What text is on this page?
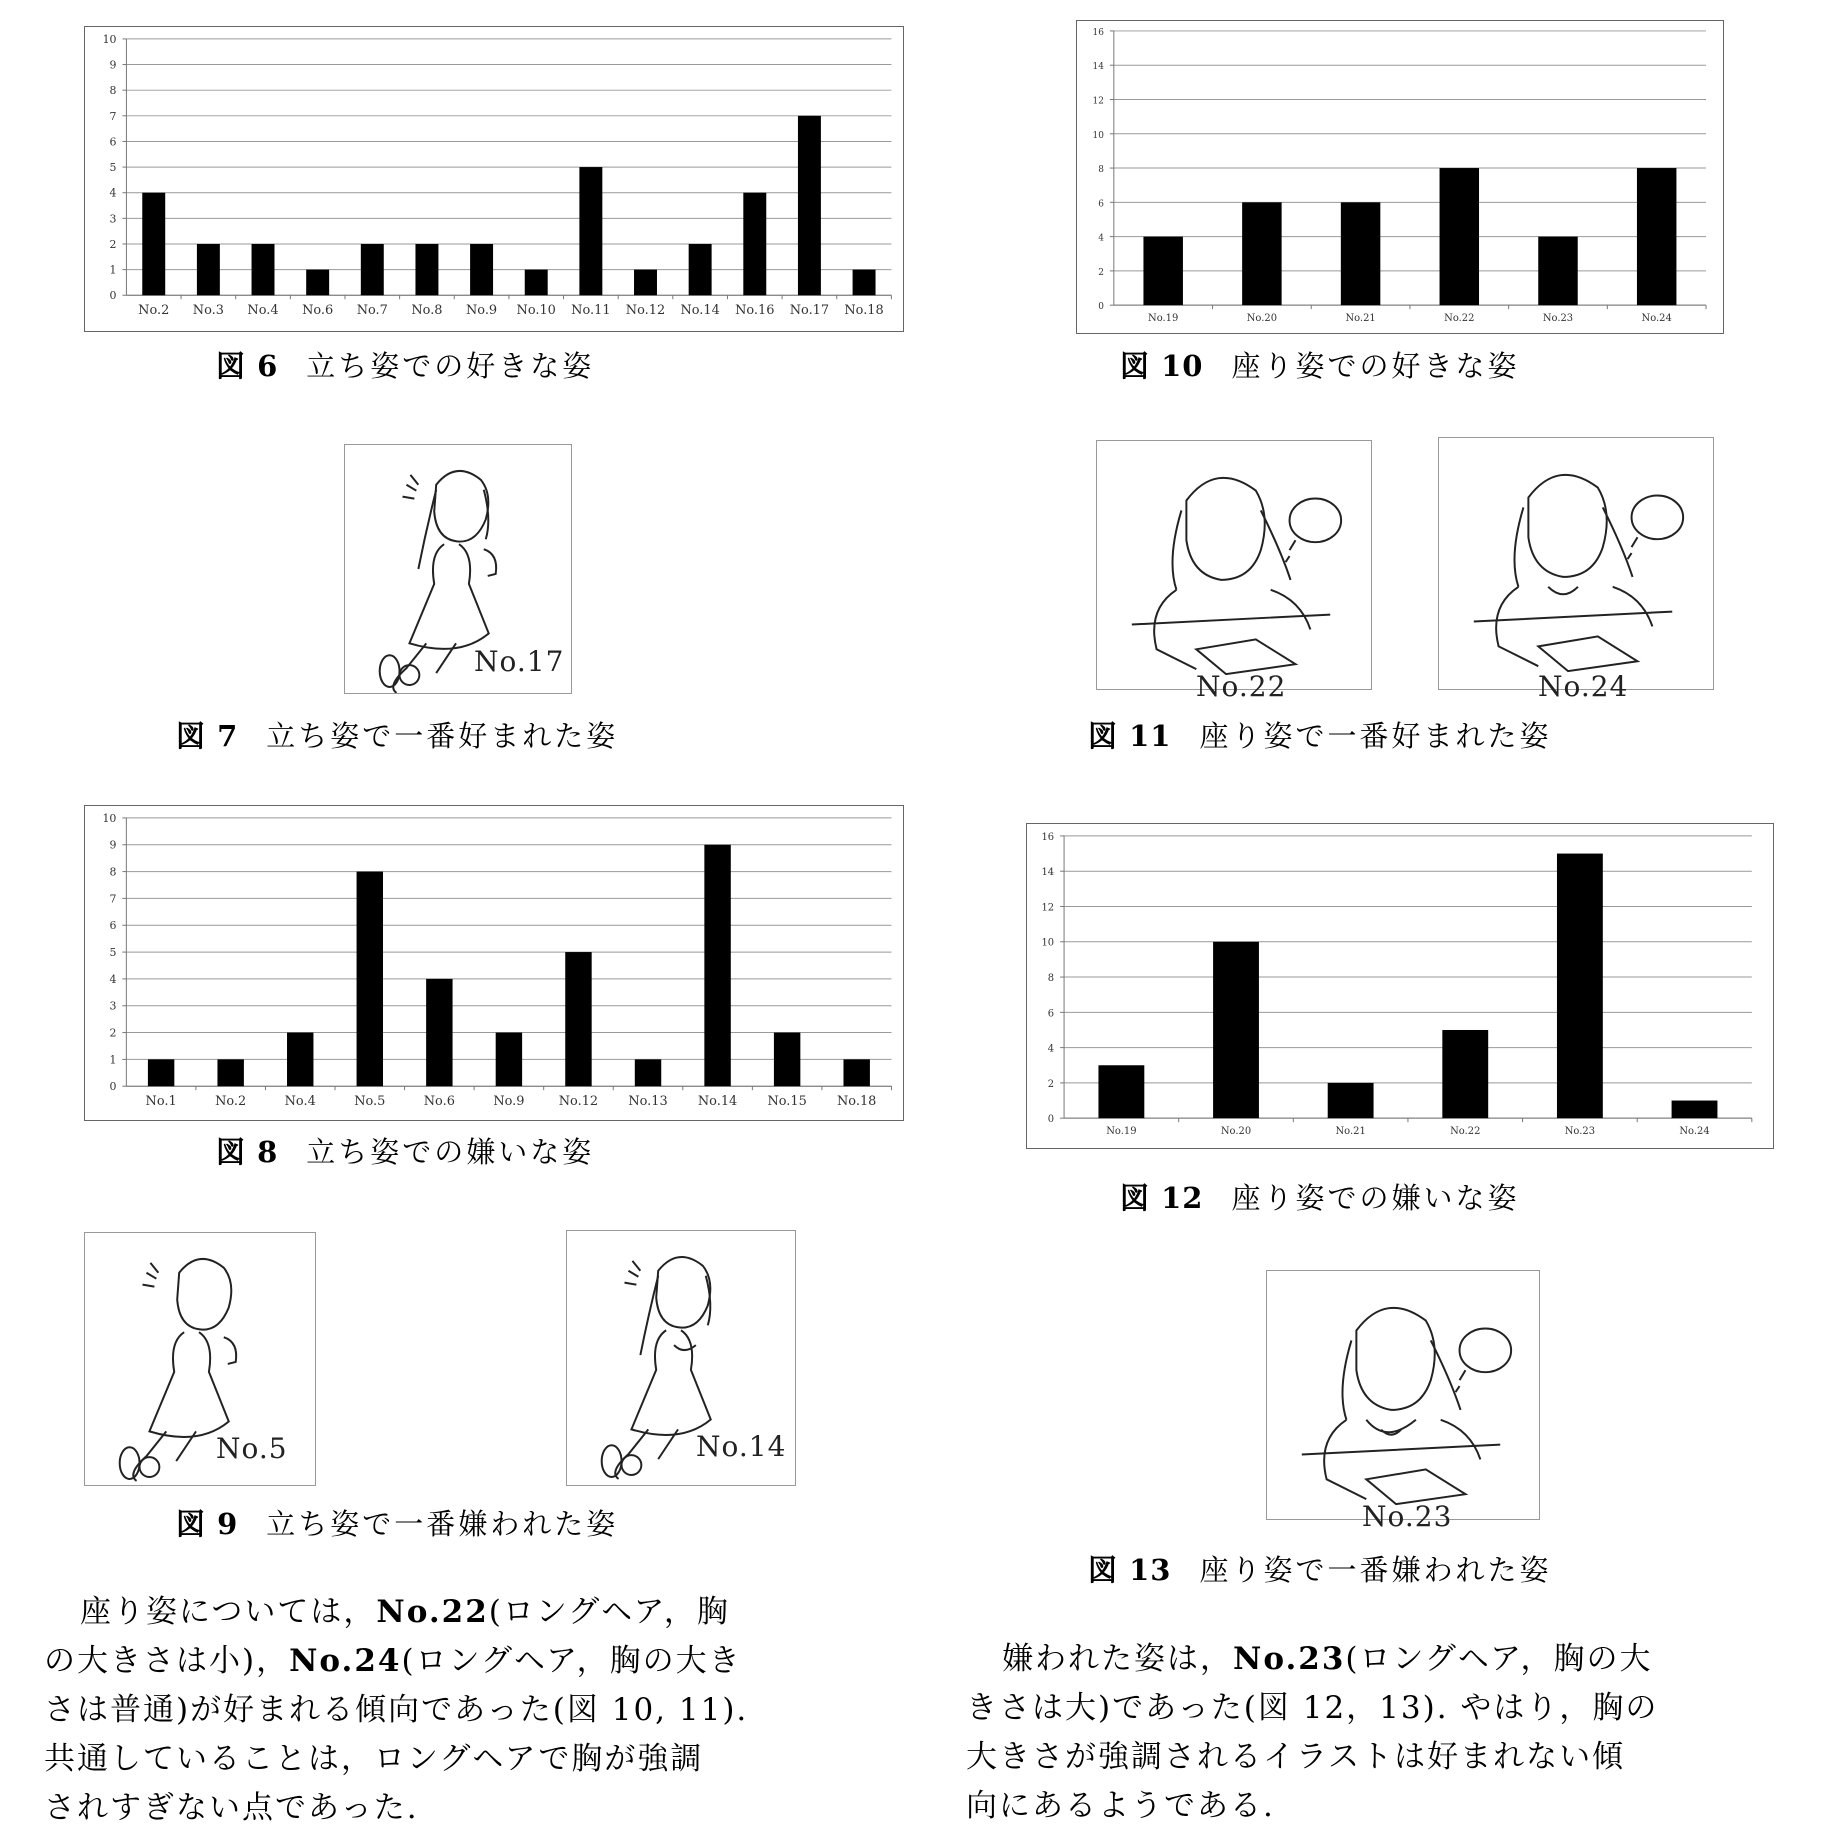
0
1
2
3
4
5
6
7
8
9
10
No.2 No.3 No.4 No.6 No.7 No.8 No.9 No.10 No.11 No.12 No.14 No.16 No.17 No.18
図 6 立ち姿での好きな姿
0
2
4
6
8
10
12
14
16
No.19	No.20	No.21	No.22	No.23	No.24
図 10 座り姿での好きな姿
0
1
2
3
4
5
6
7
8
9
10
No.1	No.2	No.4	No.5	No.6	No.9	No.12 No.13 No.14 No.15 No.18
図 8 立ち姿での嫌いな姿
0
2
4
6
8
10
12
14
16
No.19	No.20	No.21	No.22	No.23	No.24
図 12 座り姿での嫌いな姿
No.17
図 7 立ち姿で一番好まれた姿
No.22	No.24
図 11 座り姿で一番好まれた姿
No.5	No.14
図 9 立ち姿で一番嫌われた姿	No.23
図 13 座り姿で一番嫌われた姿
座り姿については，No.22(ロングヘア，胸
の大きさは小)，No.24(ロングヘア，胸の大き
さは普通)が好まれる傾向であった(図 10, 11).
共通していることは，ロングヘアで胸が強調
されすぎない点であった.
嫌われた姿は，No.23(ロングヘア，胸の大
きさは大)であった(図 12，13). やはり，胸の
大きさが強調されるイラストは好まれない傾
向にあるようである.
